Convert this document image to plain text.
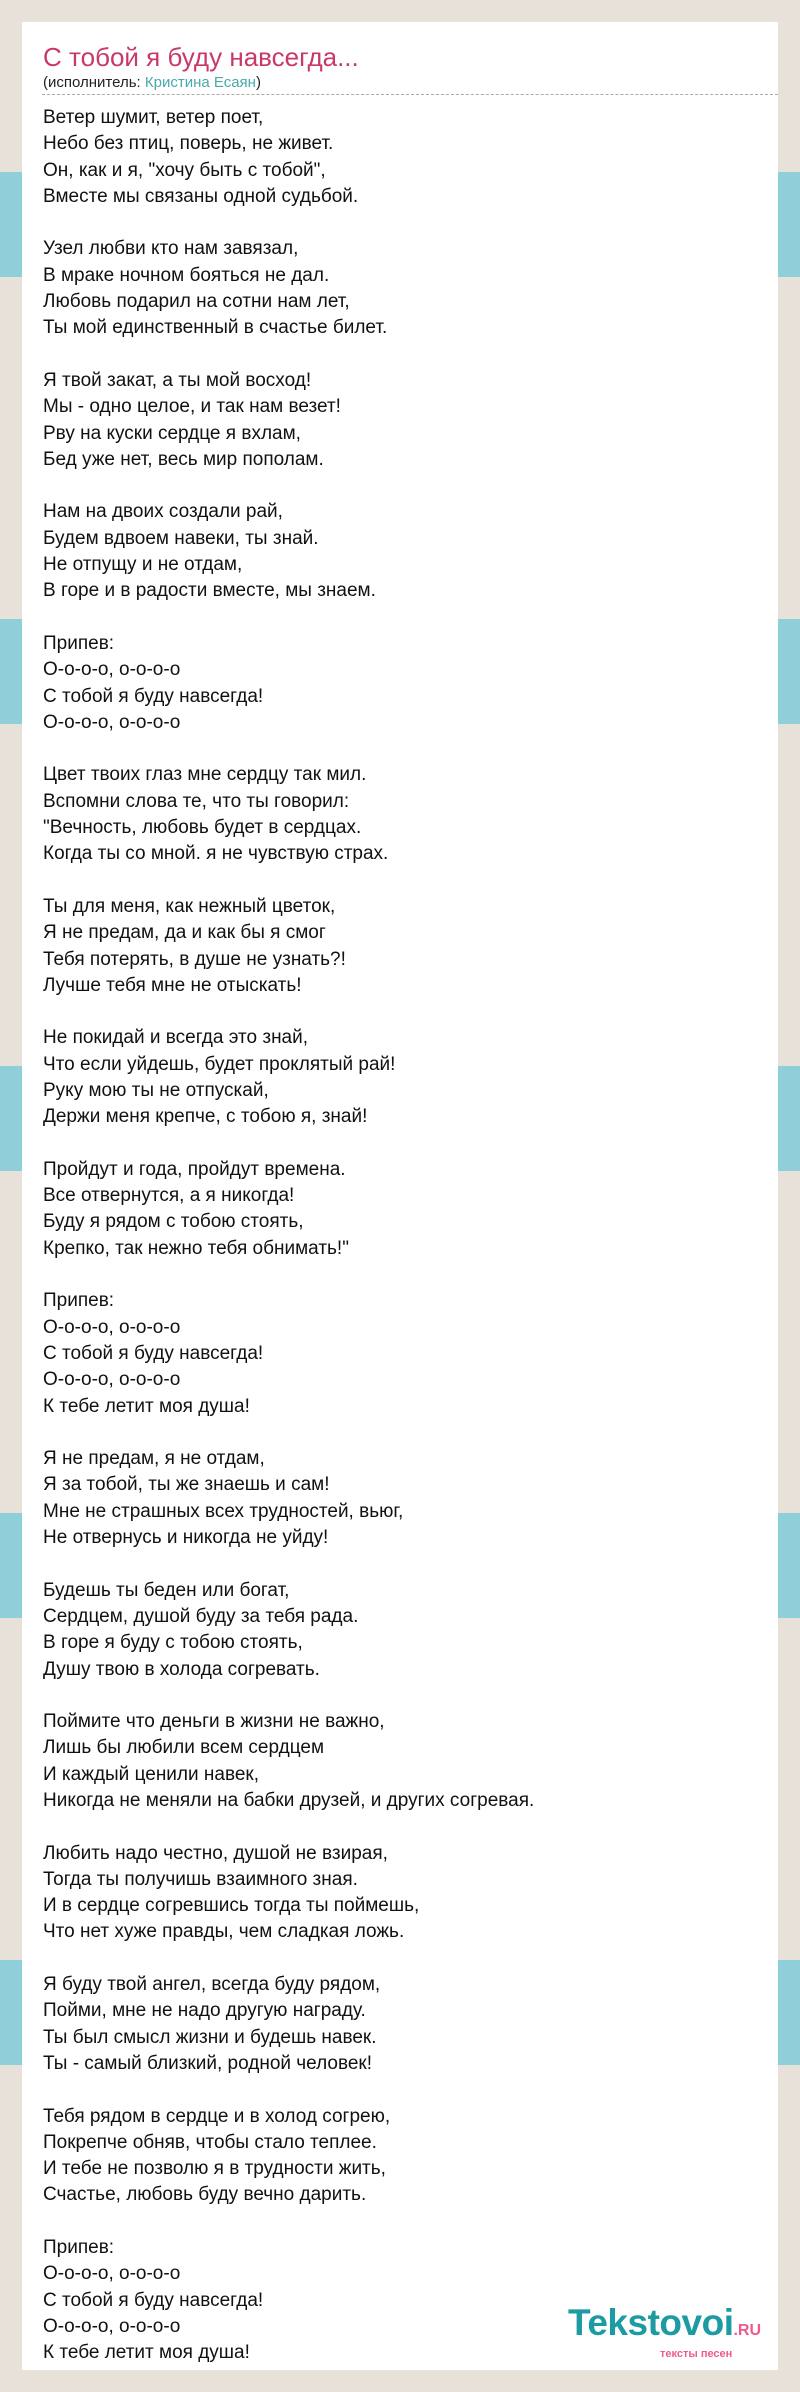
С тобой я буду навсегда...
(исполнитель: Кристина Есаян)
Ветер шумит, ветер поет,
Небо без птиц, поверь, не живет.
Он, как и я, "хочу быть с тобой",
Вместе мы связаны одной судьбой.
Узел любви кто нам завязал,
В мраке ночном бояться не дал.
Любовь подарил на сотни нам лет,
Ты мой единственный в счастье билет.
Я твой закат, а ты мой восход!
Мы - одно целое, и так нам везет!
Рву на куски сердце я вхлам,
Бед уже нет, весь мир пополам.
Нам на двоих создали рай,
Будем вдвоем навеки, ты знай.
Не отпущу и не отдам,
В горе и в радости вместе, мы знаем.
Припев:
О-о-о-о, о-о-о-о
С тобой я буду навсегда!
О-о-о-о, о-о-о-о
Цвет твоих глаз мне сердцу так мил.
Вспомни слова те, что ты говорил:
"Вечность, любовь будет в сердцах.
Когда ты со мной. я не чувствую страх.
Ты для меня, как нежный цветок,
Я не предам, да и как бы я смог
Тебя потерять, в душе не узнать?!
Лучше тебя мне не отыскать!
Не покидай и всегда это знай,
Что если уйдешь, будет проклятый рай!
Руку мою ты не отпускай,
Держи меня крепче, с тобою я, знай!
Пройдут и года, пройдут времена.
Все отвернутся, а я никогда!
Буду я рядом с тобою стоять,
Крепко, так нежно тебя обнимать!"
Припев:
О-о-о-о, о-о-о-о
С тобой я буду навсегда!
О-о-о-о, о-о-о-о
К тебе летит моя душа!
Я не предам, я не отдам,
Я за тобой, ты же знаешь и сам!
Мне не страшных всех трудностей, вьюг,
Не отвернусь и никогда не уйду!
Будешь ты беден или богат,
Сердцем, душой буду за тебя рада.
В горе я буду с тобою стоять,
Душу твою в холода согревать.
Поймите что деньги в жизни не важно,
Лишь бы любили всем сердцем
И каждый ценили навек,
Никогда не меняли на бабки друзей, и других согревая.
Любить надо честно, душой не взирая,
Тогда ты получишь взаимного зная.
И в сердце согревшись тогда ты поймешь,
Что нет хуже правды, чем сладкая ложь.
Я буду твой ангел, всегда буду рядом,
Пойми, мне не надо другую награду.
Ты был смысл жизни и будешь навек.
Ты - самый близкий, родной человек!
Тебя рядом в сердце и в холод согрею,
Покрепче обняв, чтобы стало теплее.
И тебе не позволю я в трудности жить,
Счастье, любовь буду вечно дарить.
Припев:
О-о-о-о, о-о-о-о
С тобой я буду навсегда!
О-о-о-о, о-о-о-о
К тебе летит моя душа!
Tekstovoi.RU
тексты песен
